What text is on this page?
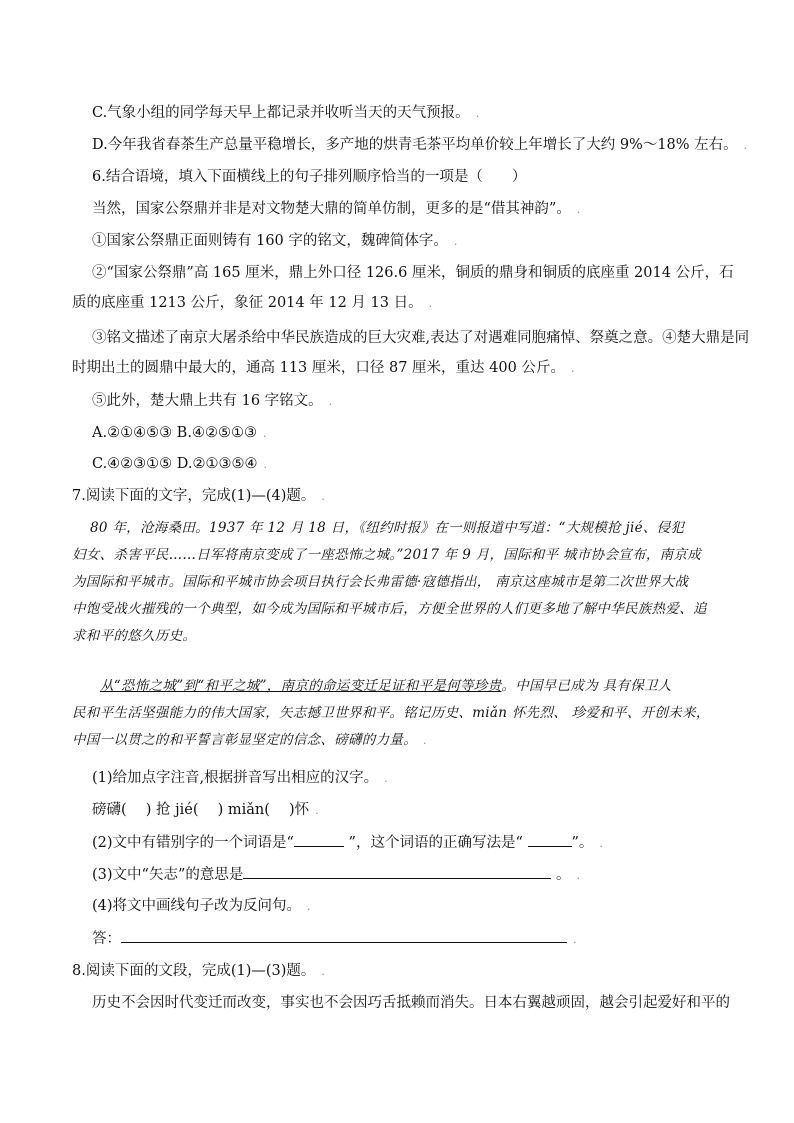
C.气象小组的同学每天早上都记录并收听当天的天气预报。 .
D.今年我省春茶生产总量平稳增长，多产地的烘青毛茶平均单价较上年增长了大约 9%～18% 左右。 .
6.结合语境，填入下面横线上的句子排列顺序恰当的一项是（　　）
当然，国家公祭鼎并非是对文物楚大鼎的简单仿制，更多的是“借其神韵”。 .
①国家公祭鼎正面则铸有 160 字的铭文，魏碑简体字。 .
②“国家公祭鼎”高 165 厘米，鼎上外口径 126.6 厘米，铜质的鼎身和铜质的底座重 2014 公斤，石
质的底座重 1213 公斤，象征 2014 年 12 月 13 日。 .
③铭文描述了南京大屠杀给中华民族造成的巨大灾难,表达了对遇难同胞痛悼、祭奠之意。④楚大鼎是同
时期出土的圆鼎中最大的，通高 113 厘米，口径 87 厘米，重达 400 公斤。 .
⑤此外，楚大鼎上共有 16 字铭文。 .
A.②①④⑤③ B.④②⑤①③ .
C.④②③①⑤ D.②①③⑤④ .
7.阅读下面的文字，完成(1)—(4)题。 .
80 年，沧海桑田。1937 年 12 月 18 日，《纽约时报》在一则报道中写道：“大规模抢 jié、侵犯
妇女、杀害平民……日军将南京变成了一座恐怖之城。”2017 年 9 月，国际和平 城市协会宣布，南京成
为国际和平城市。国际和平城市协会项目执行会长弗雷德·寇德指出， 南京这座城市是第二次世界大战
中饱受战火摧残的一个典型，如今成为国际和平城市后，方便全世界的人们更多地了解中华民族热爱、追
求和平的悠久历史。
从“恐怖之城”到“和平之城”，南京的命运变迁足证和平是何等珍贵。中国早已成为 具有保卫人
民和平生活坚强能力的伟大国家，矢志撼卫世界和平。铭记历史、miǎn 怀先烈、 珍爱和平、开创未来，
中国一以贯之的和平誓言彰显坚定的信念、磅礴的力量。 .
(1)给加点字注音,根据拼音写出相应的汉字。 .
磅礴(　 ) 抢 jié(　 ) miǎn(　 )怀 .
(2)文中有错别字的一个词语是“	”，这个词语的正确写法是“	”。 .
(3)文中“矢志”的意思是	。 .
(4)将文中画线句子改为反问句。 .
答：	.
8.阅读下面的文段，完成(1)—(3)题。 .
历史不会因时代变迁而改变，事实也不会因巧舌抵赖而消失。日本右翼越顽固，越会引起爱好和平的
